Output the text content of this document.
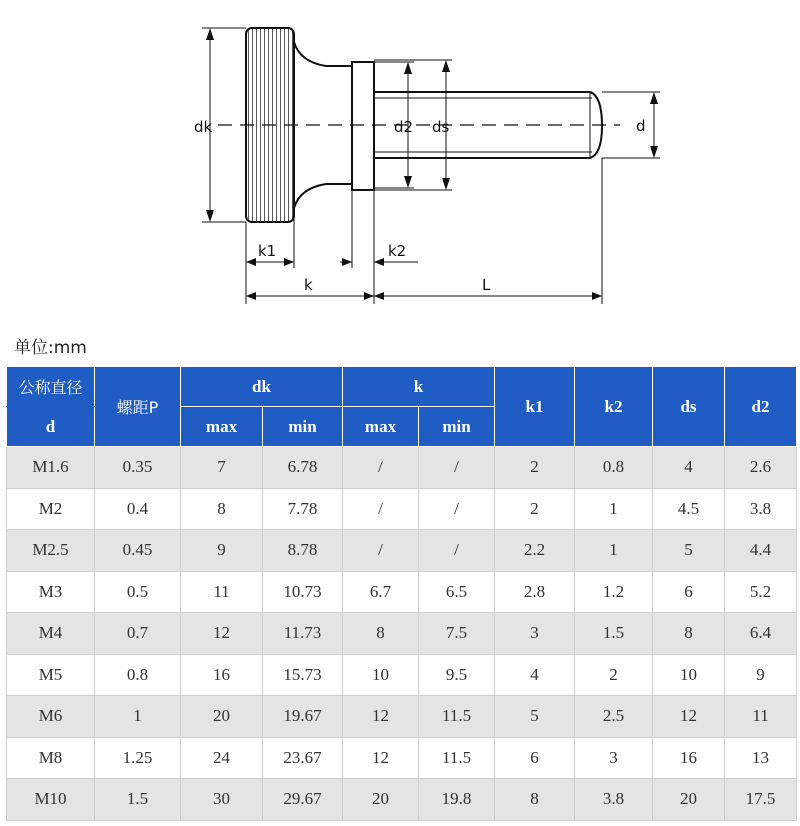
dk	d2 ds	d
k1	k2
k	L
单位:mm
公称直径	螺距P	dk		k		k1	k2	ds	d2
d		max	min	max	min				
M1.6	0.35	7	6.78	/	/	2	0.8	4	2.6
M2	0.4	8	7.78	/	/	2	1	4.5	3.8
M2.5	0.45	9	8.78	/	/	2.2	1	5	4.4
M3	0.5	11	10.73	6.7	6.5	2.8	1.2	6	5.2
M4	0.7	12	11.73	8	7.5	3	1.5	8	6.4
M5	0.8	16	15.73	10	9.5	4	2	10	9
M6	1	20	19.67	12	11.5	5	2.5	12	11
M8	1.25	24	23.67	12	11.5	6	3	16	13
M10	1.5	30	29.67	20	19.8	8	3.8	20	17.5
